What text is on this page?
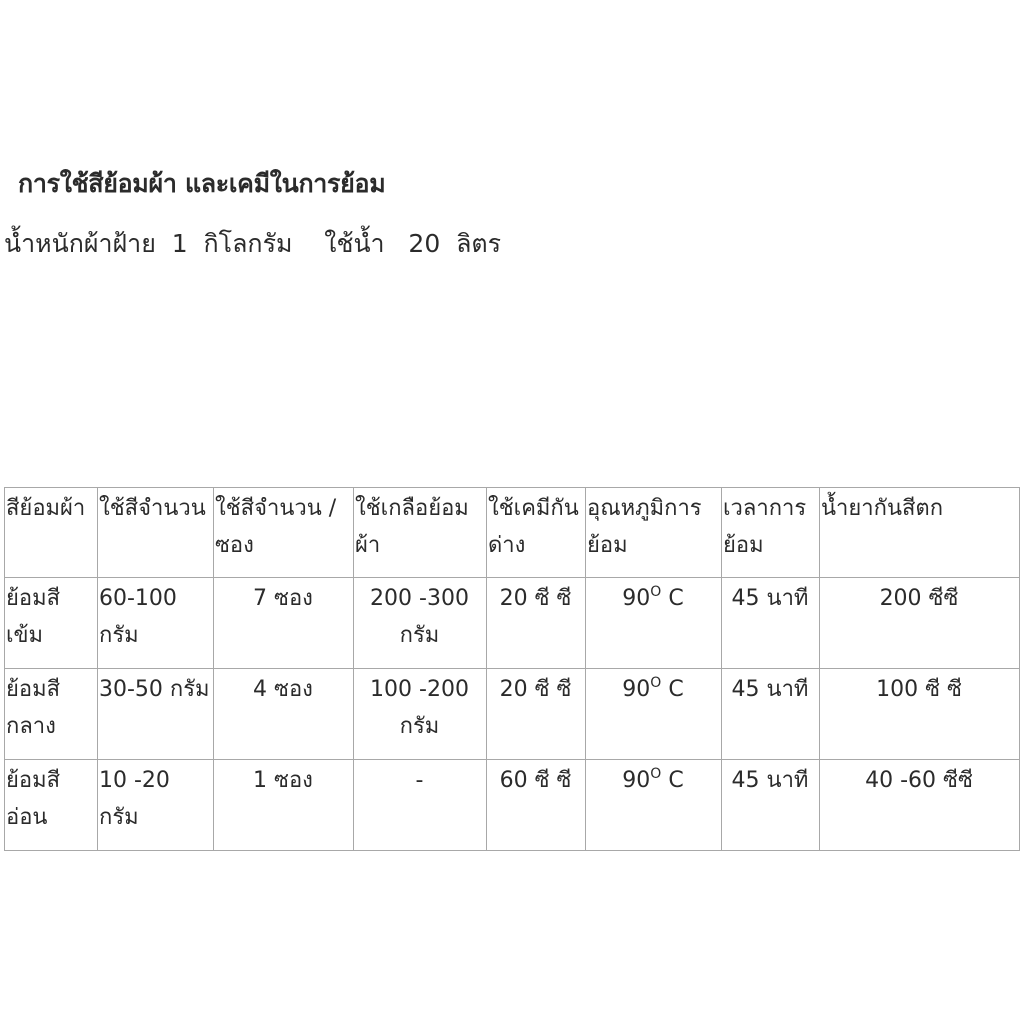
การใช้สีย้อมผ้า และเคมีในการย้อม
น้ำหนักผ้าฝ้าย  1  กิโลกรัม    ใช้น้ำ   20  ลิตร
สีย้อมผ้า	ใช้สีจำนวน	ใช้สีจำนวน / ซอง	ใช้เกลือย้อมผ้า	ใช้เคมีกันด่าง	อุณหภูมิการย้อม	เวลาการย้อม	น้ำยากันสีตก
ย้อมสีเข้ม	60-100 กรัม	7 ซอง	200 -300 กรัม	20 ซี ซี	$90^O$ C	45 นาที	200 ซีซี
ย้อมสีกลาง	30-50 กรัม	4 ซอง	100 -200 กรัม	20 ซี ซี	$90^O$ C	45 นาที	100 ซี ซี
ย้อมสีอ่อน	10 -20 กรัม	1 ซอง	-	60 ซี ซี	$90^O$ C	45 นาที	40 -60 ซีซี
